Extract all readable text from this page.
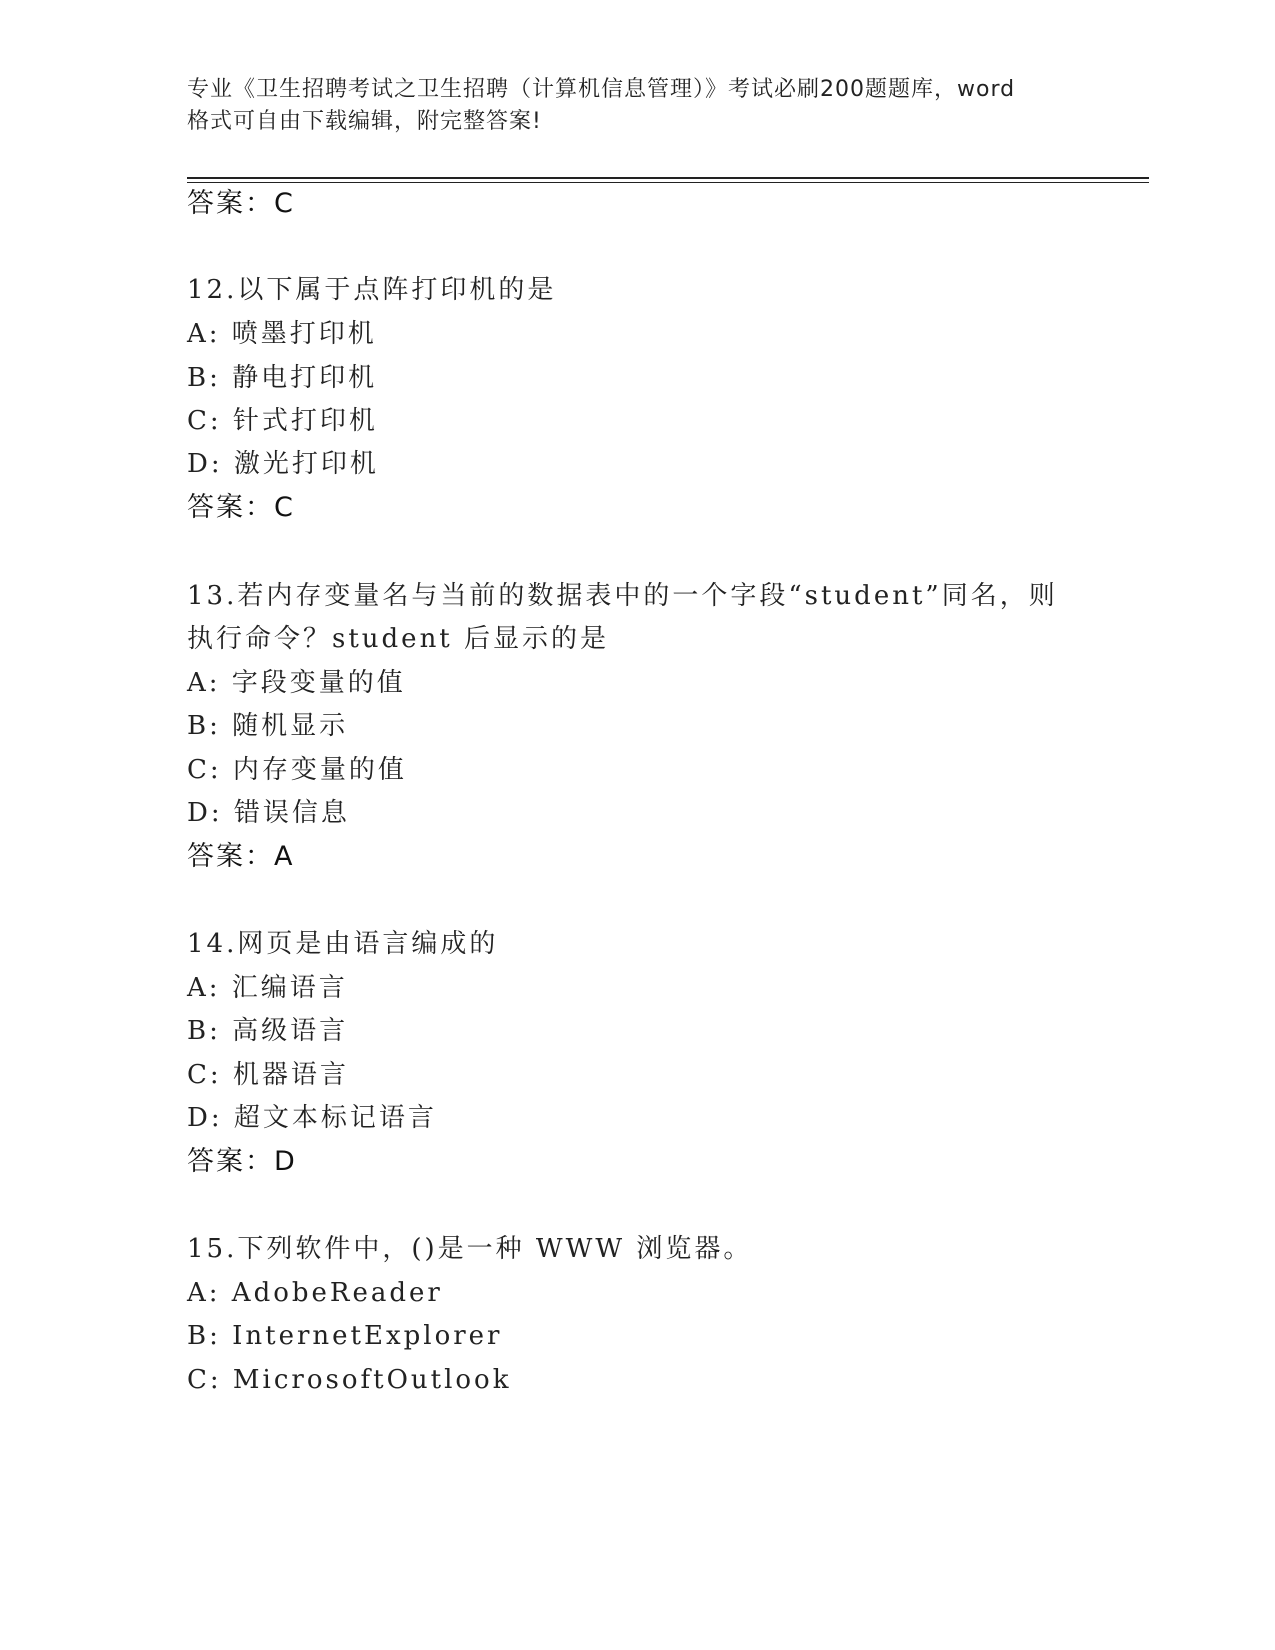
专业《卫生招聘考试之卫生招聘（计算机信息管理）》考试必刷200题题库，word
格式可自由下载编辑，附完整答案!
答案：C
12.以下属于点阵打印机的是
A: 喷墨打印机
B: 静电打印机
C: 针式打印机
D: 激光打印机
答案：C
13.若内存变量名与当前的数据表中的一个字段“student”同名，则
执行命令？student 后显示的是
A: 字段变量的值
B: 随机显示
C: 内存变量的值
D: 错误信息
答案：A
14.网页是由语言编成的
A: 汇编语言
B: 高级语言
C: 机器语言
D: 超文本标记语言
答案：D
15.下列软件中，()是一种 WWW 浏览器。
A: AdobeReader
B: InternetExplorer
C: MicrosoftOutlook
